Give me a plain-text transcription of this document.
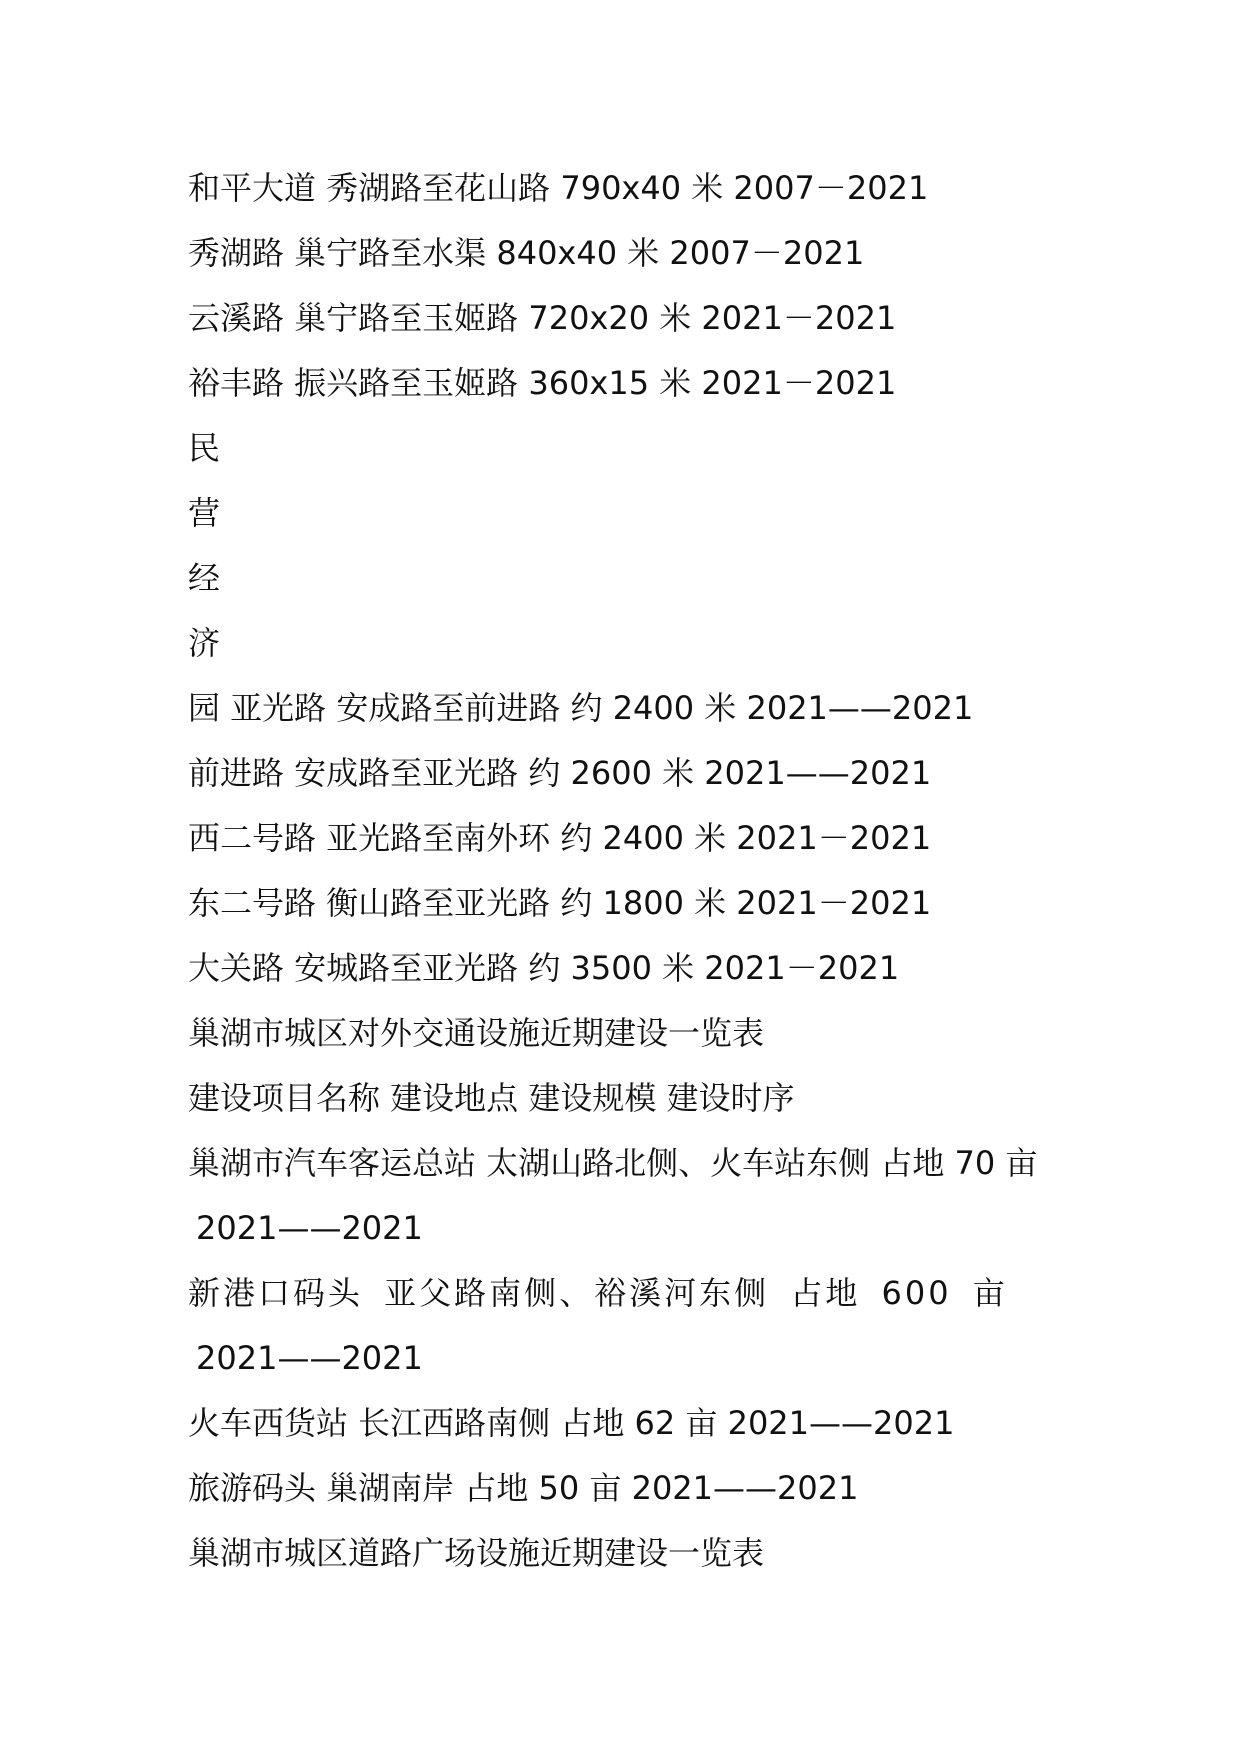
和平大道 秀湖路至花山路 790x40 米 2007－2021
秀湖路 巢宁路至水渠 840x40 米 2007－2021
云溪路 巢宁路至玉姬路 720x20 米 2021－2021
裕丰路 振兴路至玉姬路 360x15 米 2021－2021
民
营
经
济
园 亚光路 安成路至前进路 约 2400 米 2021——2021
前进路 安成路至亚光路 约 2600 米 2021——2021
西二号路 亚光路至南外环 约 2400 米 2021－2021
东二号路 衡山路至亚光路 约 1800 米 2021－2021
大关路 安城路至亚光路 约 3500 米 2021－2021
巢湖市城区对外交通设施近期建设一览表
建设项目名称 建设地点 建设规模 建设时序
巢湖市汽车客运总站 太湖山路北侧、火车站东侧 占地 70 亩
2021——2021
新港口码头 亚父路南侧、裕溪河东侧 占地 600 亩
2021——2021
火车西货站 长江西路南侧 占地 62 亩 2021——2021
旅游码头 巢湖南岸 占地 50 亩 2021——2021
巢湖市城区道路广场设施近期建设一览表
